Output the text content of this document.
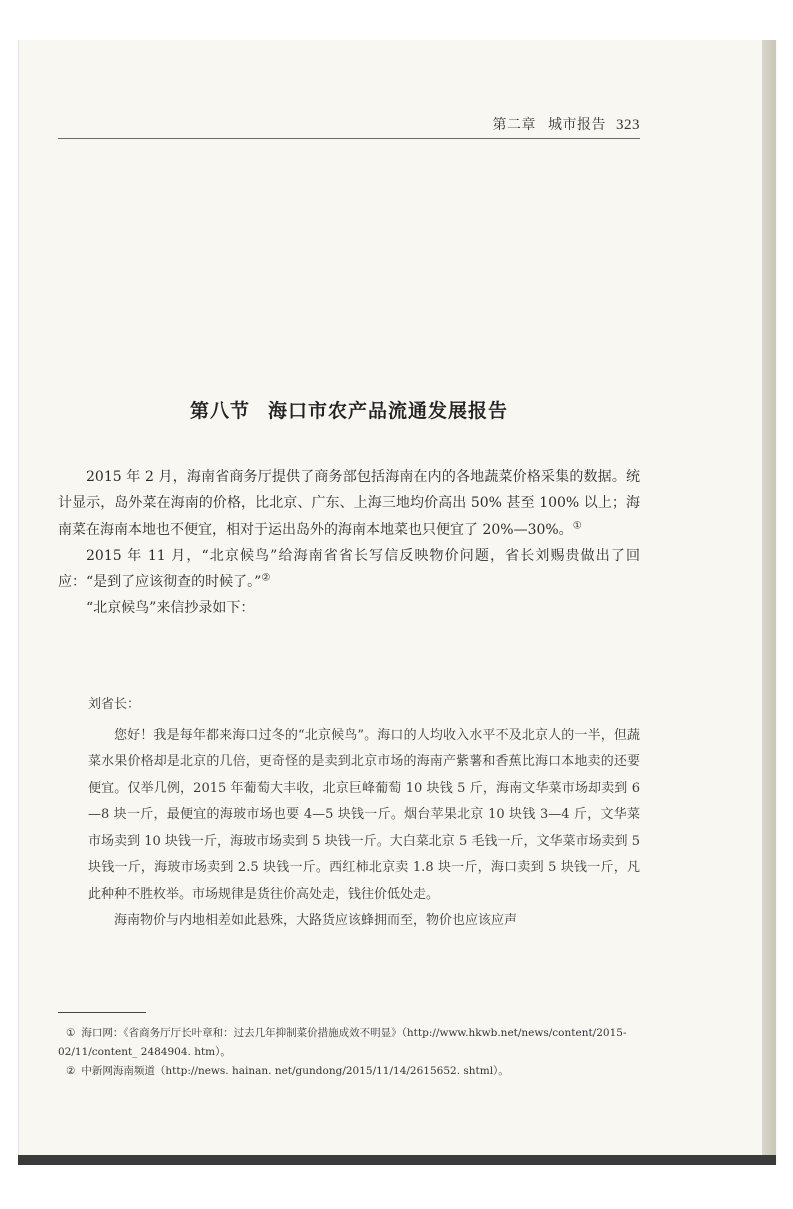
第二章 城市报告 323
第八节 海口市农产品流通发展报告

2015 年 2 月，海南省商务厅提供了商务部包括海南在内的各地蔬菜价格采集的数据。统计显示，岛外菜在海南的价格，比北京、广东、上海三地均价高出 50% 甚至 100% 以上；海南菜在海南本地也不便宜，相对于运出岛外的海南本地菜也只便宜了 20%—30%。①

2015 年 11 月，“北京候鸟”给海南省省长写信反映物价问题，省长刘赐贵做出了回应：“是到了应该彻查的时候了。”②

“北京候鸟”来信抄录如下：

刘省长：

您好！我是每年都来海口过冬的“北京候鸟”。海口的人均收入水平不及北京人的一半，但蔬菜水果价格却是北京的几倍，更奇怪的是卖到北京市场的海南产紫薯和香蕉比海口本地卖的还要便宜。仅举几例，2015 年葡萄大丰收，北京巨峰葡萄 10 块钱 5 斤，海南文华菜市场却卖到 6—8 块一斤，最便宜的海玻市场也要 4—5 块钱一斤。烟台苹果北京 10 块钱 3—4 斤，文华菜市场卖到 10 块钱一斤，海玻市场卖到 5 块钱一斤。大白菜北京 5 毛钱一斤，文华菜市场卖到 5 块钱一斤，海玻市场卖到 2.5 块钱一斤。西红柿北京卖 1.8 块一斤，海口卖到 5 块钱一斤，凡此种种不胜枚举。市场规律是货往价高处走，钱往价低处走。

海南物价与内地相差如此悬殊，大路货应该蜂拥而至，物价也应该应声

① 海口网：《省商务厅厅长叶章和：过去几年抑制菜价措施成效不明显》（http://www.hkwb.net/news/content/2015-02/11/content_ 2484904. htm）。

② 中新网海南频道（http://news. hainan. net/gundong/2015/11/14/2615652. shtml）。
